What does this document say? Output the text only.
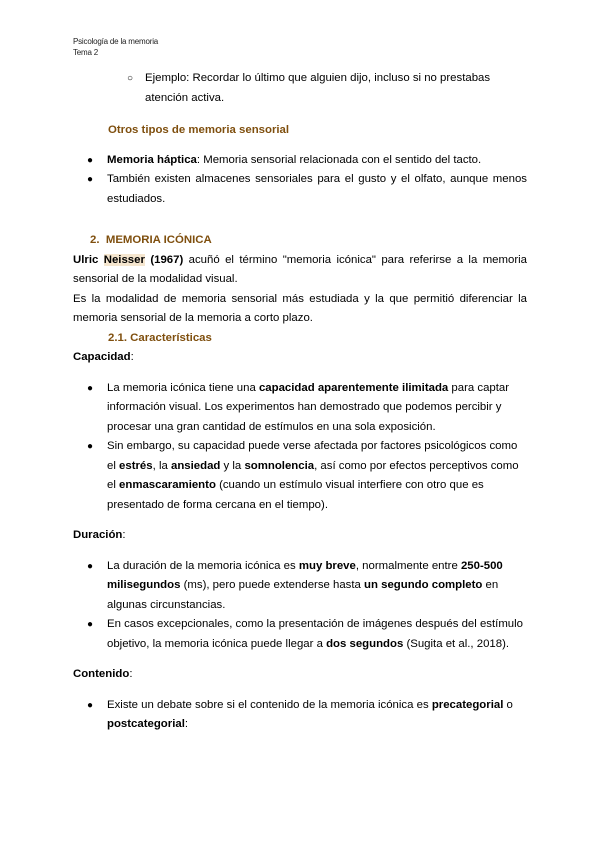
Psicología de la memoria
Tema 2
○ Ejemplo: Recordar lo último que alguien dijo, incluso si no prestabas atención activa.
Otros tipos de memoria sensorial
● Memoria háptica: Memoria sensorial relacionada con el sentido del tacto.
● También existen almacenes sensoriales para el gusto y el olfato, aunque menos estudiados.
2. MEMORIA ICÓNICA

Ulric Neisser (1967) acuñó el término "memoria icónica" para referirse a la memoria sensorial de la modalidad visual.

Es la modalidad de memoria sensorial más estudiada y la que permitió diferenciar la memoria sensorial de la memoria a corto plazo.

2.1. Características
Capacidad:
● La memoria icónica tiene una capacidad aparentemente ilimitada para captar información visual. Los experimentos han demostrado que podemos percibir y procesar una gran cantidad de estímulos en una sola exposición.
● Sin embargo, su capacidad puede verse afectada por factores psicológicos como el estrés, la ansiedad y la somnolencia, así como por efectos perceptivos como el enmascaramiento (cuando un estímulo visual interfiere con otro que es presentado de forma cercana en el tiempo).
Duración:
● La duración de la memoria icónica es muy breve, normalmente entre 250-500 milisegundos (ms), pero puede extenderse hasta un segundo completo en algunas circunstancias.
● En casos excepcionales, como la presentación de imágenes después del estímulo objetivo, la memoria icónica puede llegar a dos segundos (Sugita et al., 2018).
Contenido:
● Existe un debate sobre si el contenido de la memoria icónica es precategorial o postcategorial:
